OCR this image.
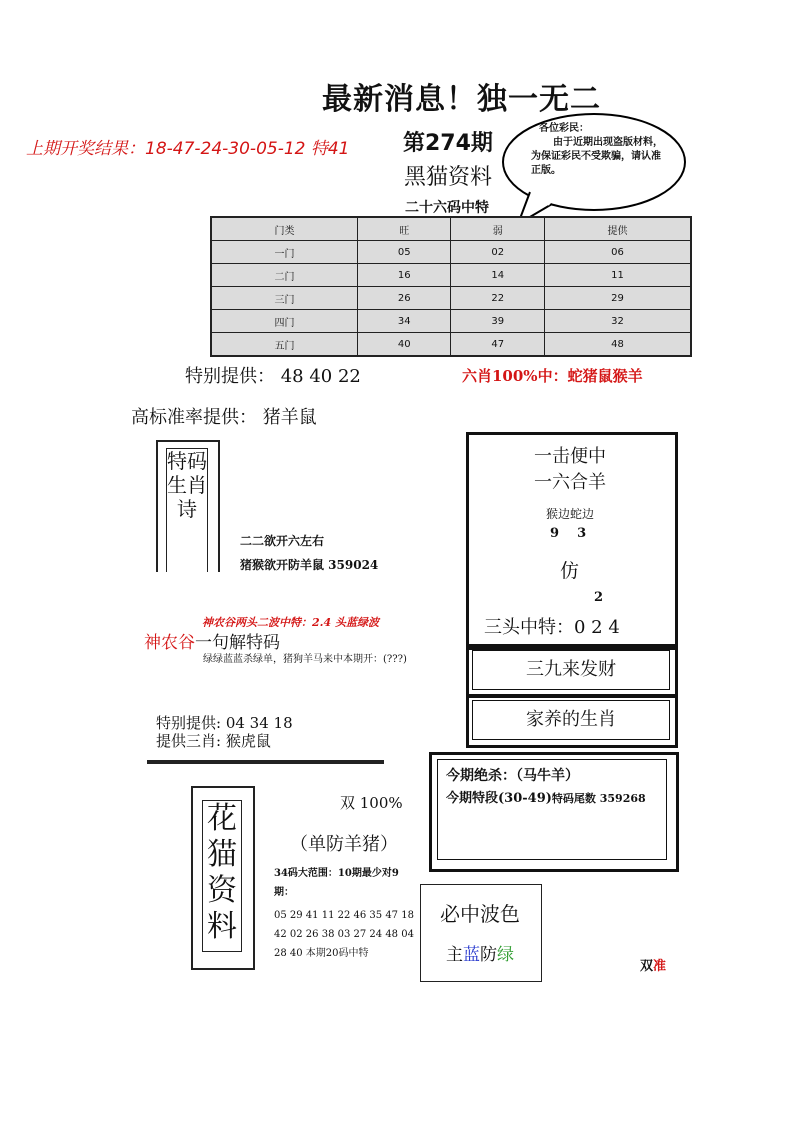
最新消息！独一无二
上期开奖结果：18-47-24-30-05-12 特41 第274期
黑猫资料
二十六码中特
各位彩民：
由于近期出现盗版材料，为保证彩民不受欺骗，请认准正版。
门类	旺	弱	提供
一门	05	02	06
二门	16	14	11
三门	26	22	29
四门	34	39	32
五门	40	47	48
特别提供： 48 40 22	六肖100%中：蛇猪鼠猴羊
高标准率提供： 猪羊鼠
特码生肖诗
二二欲开六左右
猪猴欲开防羊鼠 359024
神农谷两头二波中特：2.4 头蓝绿波
神农谷一句解特码
绿绿蓝蓝杀绿单，猪狗羊马来中本期开：(???)
特别提供: 04 34 18
提供三肖: 猴虎鼠
一击便中
一六合羊
猴边蛇边
9    3
仿
2
三头中特：0 2 4
三九来发财
家养的生肖
今期绝杀：（马牛羊）
今期特段(30-49)特码尾数 359268
花猫资料
双 100%
（单防羊猪）
34码大范围：10期最少对9期：
05 29 41 11 22 46 35 47 18 42 02 26 38 03 27 24 48 04 28 40 本期20码中特
必中波色
主蓝防绿
双准
